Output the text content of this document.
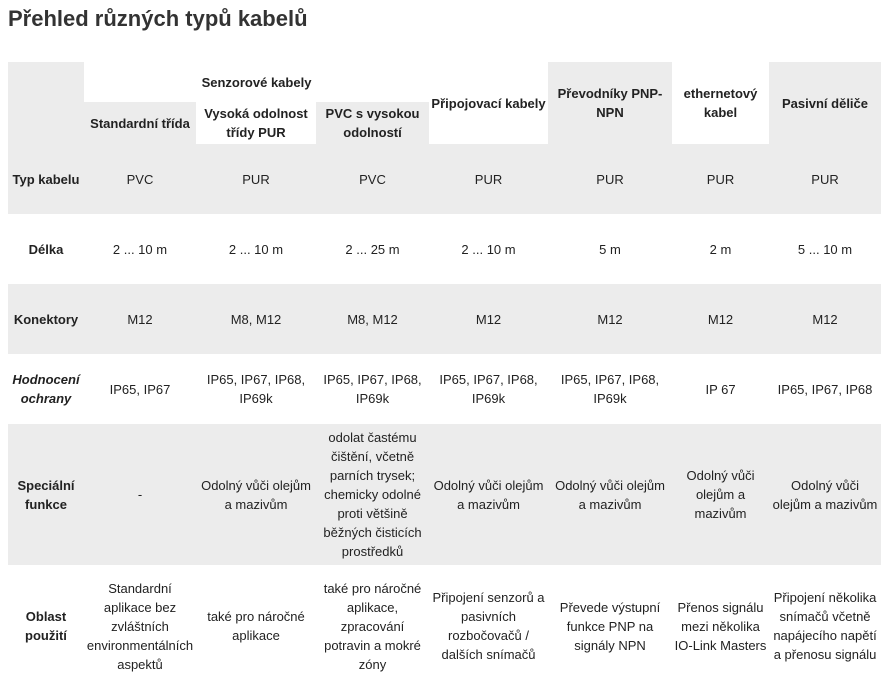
Přehled různých typů kabelů
	Senzorové kabely			Připojovací kabely	Převodníky PNP-NPN	ethernetový kabel	Pasivní děliče
	Standardní třída	Vysoká odolnost třídy PUR	PVC s vysokou odolností				
Typ kabelu	PVC	PUR	PVC	PUR	PUR	PUR	PUR
Délka	2 ... 10 m	2 ... 10 m	2 ... 25 m	2 ... 10 m	5 m	2 m	5 ... 10 m
Konektory	M12	M8, M12	M8, M12	M12	M12	M12	M12
Hodnocení ochrany	IP65, IP67	IP65, IP67, IP68, IP69k	IP65, IP67, IP68, IP69k	IP65, IP67, IP68, IP69k	IP65, IP67, IP68, IP69k	IP 67	IP65, IP67, IP68
Speciální funkce	-	Odolný vůči olejům a mazivům	odolat častému čištění, včetně parních trysek; chemicky odolné proti většině běžných čisticích prostředků	Odolný vůči olejům a mazivům	Odolný vůči olejům a mazivům	Odolný vůči olejům a mazivům	Odolný vůči olejům a mazivům
Oblast použití	Standardní aplikace bez zvláštních environmentálních aspektů	také pro náročné aplikace	také pro náročné aplikace, zpracování potravin a mokré zóny	Připojení senzorů a pasivních rozbočovačů / dalších snímačů	Převede výstupní funkce PNP na signály NPN	Přenos signálu mezi několika IO-Link Masters	Připojení několika snímačů včetně napájecího napětí a přenosu signálu
